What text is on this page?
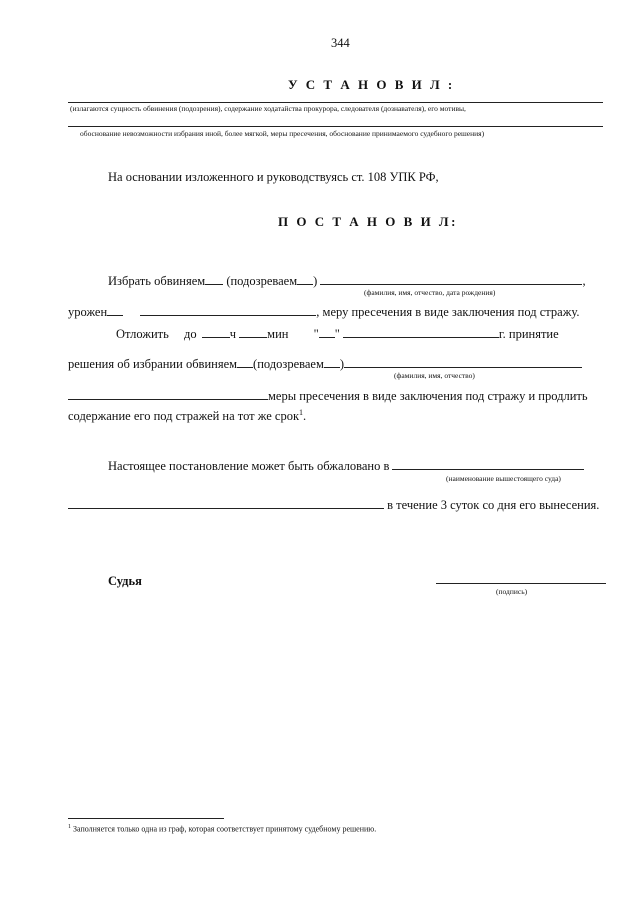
344
У С Т А Н О В И Л :
(излагаются сущность обвинения (подозрения), содержание ходатайства прокурора, следователя (дознавателя), его мотивы,
обоснование невозможности избрания иной, более мягкой, меры пресечения, обоснование принимаемого судебного решения)
На основании изложенного и руководствуясь ст. 108 УПК РФ,
П О С Т А Н О В И Л:
Избрать обвиняем (подозреваем )	,
(фамилия, имя, отчество, дата рождения)
урожен	, меру пресечения в виде заключения под стражу.
Отложить до	ч мин " "	г. принятие
решения об избрании обвиняем (подозреваем )
(фамилия, имя, отчество)
меры пресечения в виде заключения под стражу и продлить
содержание его под стражей на тот же срок$^1$.
Настоящее постановление может быть обжаловано в
(наименование вышестоящего суда)
в течение 3 суток со дня его вынесения.
Судья
(подпись)
$^1$ Заполняется только одна из граф, которая соответствует принятому судебному решению.
